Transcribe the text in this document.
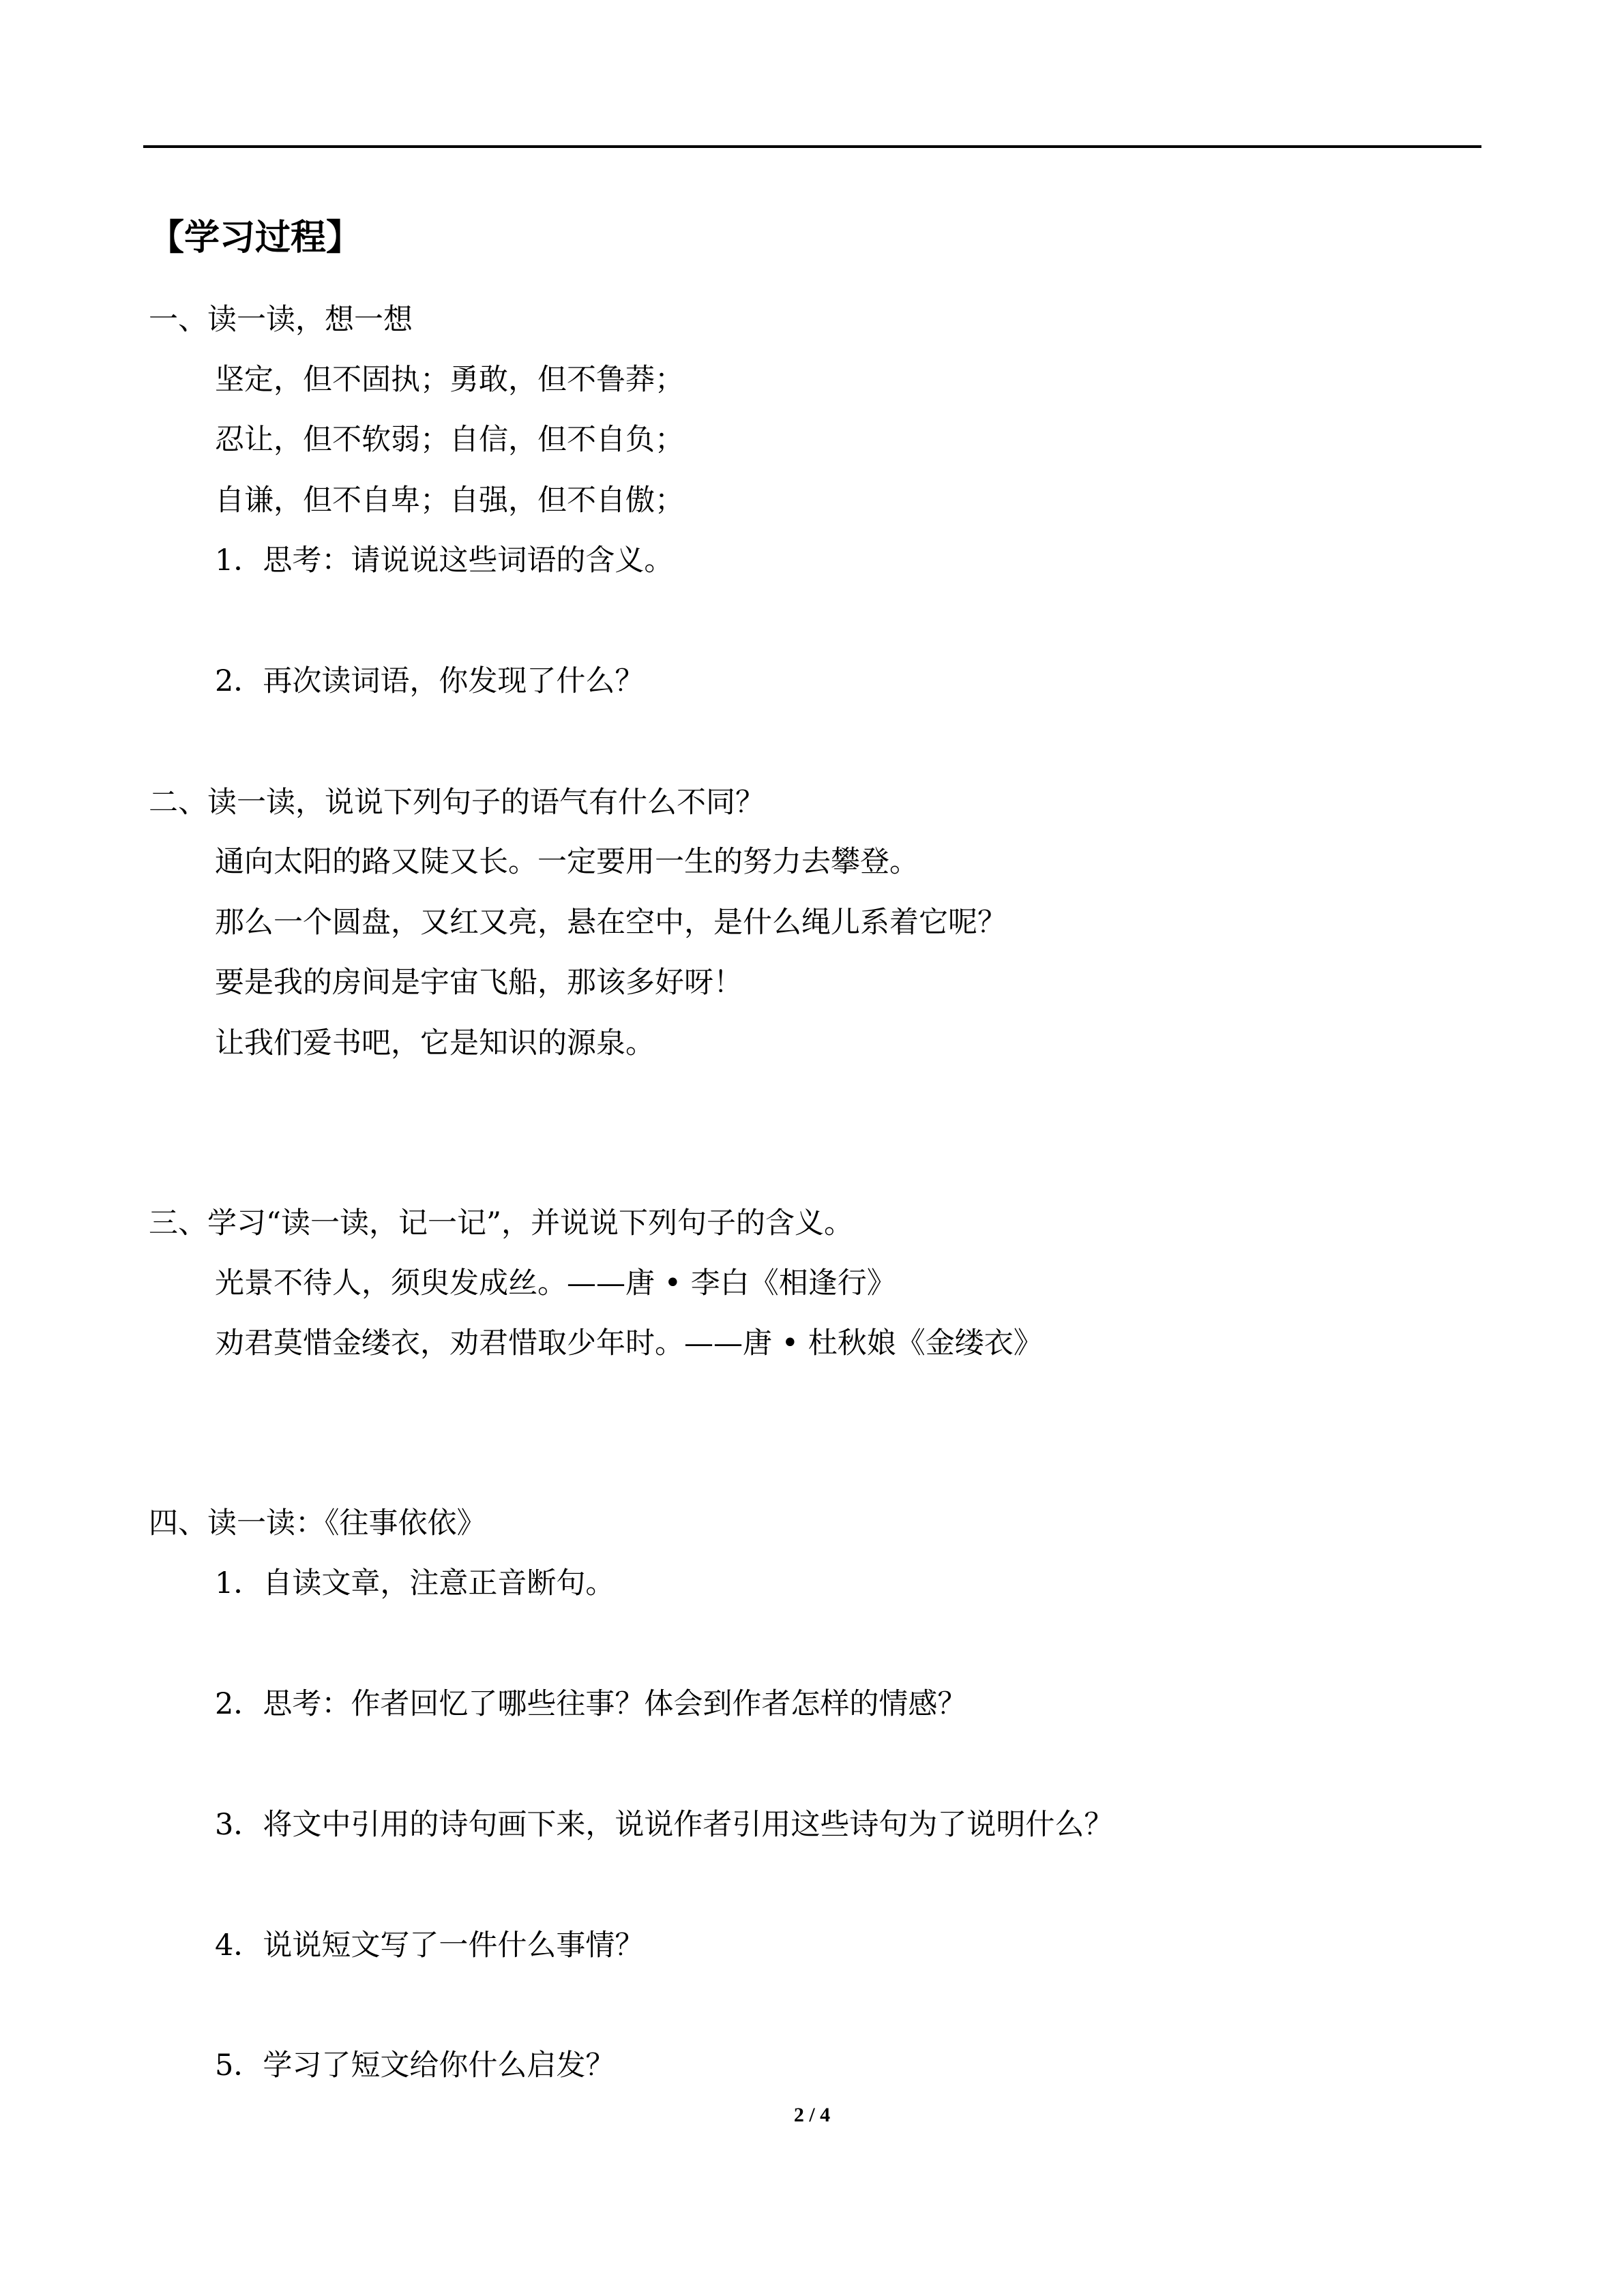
【学习过程】
一、读一读，想一想
坚定，但不固执；勇敢，但不鲁莽；
忍让，但不软弱；自信，但不自负；
自谦，但不自卑；自强，但不自傲；
1．思考：请说说这些词语的含义。
2．再次读词语，你发现了什么？
二、读一读，说说下列句子的语气有什么不同？
通向太阳的路又陡又长。一定要用一生的努力去攀登。
那么一个圆盘，又红又亮，悬在空中，是什么绳儿系着它呢？
要是我的房间是宇宙飞船，那该多好呀！
让我们爱书吧，它是知识的源泉。
三、学习“读一读，记一记”，并说说下列句子的含义。
光景不待人，须臾发成丝。——唐 • 李白《相逢行》
劝君莫惜金缕衣，劝君惜取少年时。——唐 • 杜秋娘《金缕衣》
四、读一读：《往事依依》
1．自读文章，注意正音断句。
2．思考：作者回忆了哪些往事？体会到作者怎样的情感？
3．将文中引用的诗句画下来，说说作者引用这些诗句为了说明什么？
4．说说短文写了一件什么事情？
5．学习了短文给你什么启发？
2 / 4
